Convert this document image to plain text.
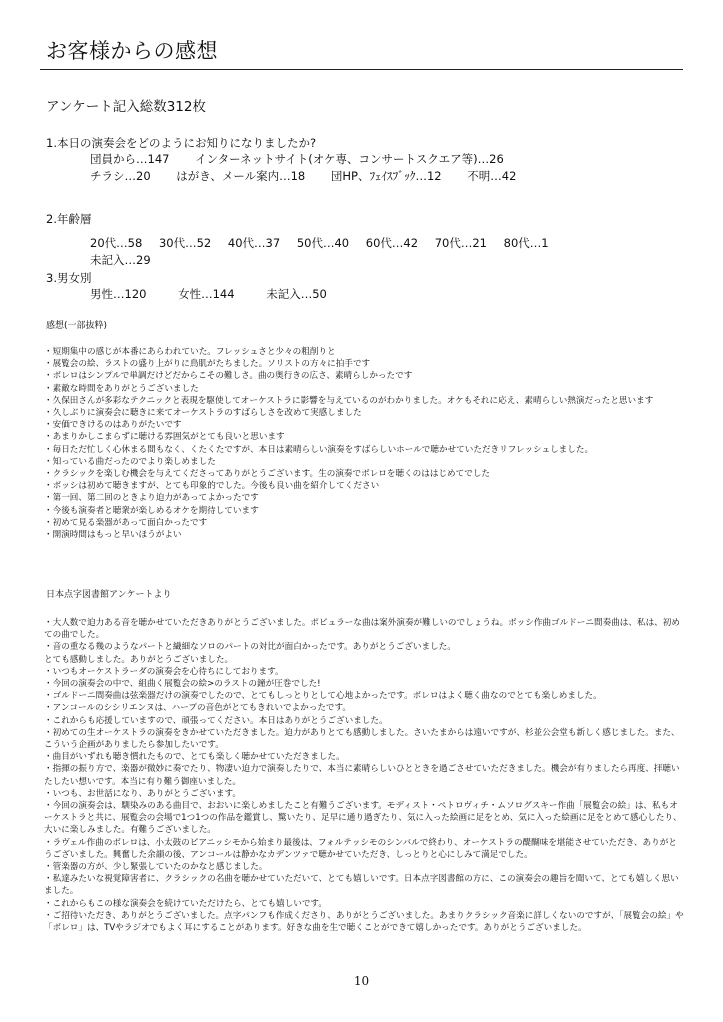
お客様からの感想
アンケート記入総数312枚
1.本日の演奏会をどのようにお知りになりましたか?
団員から…147 インターネットサイト(オケ専、コンサートスクエア等)…26
チラシ…20 はがき、メール案内…18 団HP、ﾌｪｲｽﾌﾞｯｸ…12 不明…42
2.年齢層
20代…58 30代…52 40代…37 50代…40 60代…42 70代…21 80代…1
未記入…29
3.男女別
男性…120	女性…144	未記入…50
感想(一部抜粋)

・短期集中の感じが本番にあらわれていた。フレッシュさと少々の粗削りと

・展覧会の絵、ラストの盛り上がりに鳥肌がたちました。ソリストの方々に拍手です

・ボレロはシンプルで単調だけどだからこその難しさ。曲の奥行きの広さ、素晴らしかったです

・素敵な時間をありがとうございました

・久保田さんが多彩なテクニックと表現を駆使してオーケストラに影響を与えているのがわかりました。オケもそれに応え、素晴らしい熱演だったと思います

・久しぶりに演奏会に聴きに来てオーケストラのすばらしさを改めて実感しました

・安価できけるのはありがたいです

・あまりかしこまらずに聴ける雰囲気がとても良いと思います

・毎日ただ忙しく心休まる間もなく、くたくたですが、本日は素晴らしい演奏をすばらしいホールで聴かせていただきリフレッシュしました。

・知っている曲だったのでより楽しめました

・クラシックを楽しむ機会を与えてくださってありがとうございます。生の演奏でボレロを聴くのははじめてでした

・ボッシは初めて聴きますが、とても印象的でした。今後も良い曲を紹介してください

・第一回、第二回のときより迫力があってよかったです

・今後も演奏者と聴衆が楽しめるオケを期待しています

・初めて見る楽器があって面白かったです

・開演時間はもっと早いほうがよい

日本点字図書館アンケートより

・大人数で迫力ある音を聴かせていただきありがとうございました。ポピュラーな曲は案外演奏が難しいのでしょうね。ボッシ作曲ゴルドーニ間奏曲は、私は、初めての曲でした。

・音の重なる幾のようなパートと繊細なソロのパートの対比が面白かったです。ありがとうございました。

とても感動しました。ありがとうございました。

・いつもオーケストラーダの演奏会を心待ちにしております。

・今回の演奏会の中で、組曲く展覧会の絵>のラストの鐘が圧巻でした!

・ゴルドーニ間奏曲は弦楽器だけの演奏でしたので、とてもしっとりとして心地よかったです。ボレロはよく聴く曲なのでとても楽しめました。

・アンコールのシシリエンヌは、ハープの音色がとてもきれいでよかったです。

・これからも応援していますので、頑張ってください。本日はありがとうございました。

・初めての生オーケストラの演奏をきかせていただきました。迫力がありとても感動しました。さいたまからは遠いですが、杉並公会堂も新しく感じました。また、こういう企画がありましたら参加したいです。

・曲目がいずれも聴き慣れたもので、とても楽しく聴かせていただきました。

・指揮の振り方で、楽器が微妙に奏でたり、物凄い迫力で演奏したりで、本当に素晴らしいひとときを過ごさせていただきました。機会が有りましたら再度、拝聴いたしたい想いです。本当に有り難う御座いました。

・いつも、お世話になり、ありがとうございます。

・今回の演奏会は、馴染みのある曲目で、おおいに楽しめましたこと有難うございます。モディスト・ペトロヴィチ・ムソログスキー作曲「展覧会の絵」は、私もオーケストラと共に、展覧会の会場で1つ1つの作品を鑑賞し、驚いたり、足早に通り過ぎたり、気に入った絵画に足をとめ、気に入った絵画に足をとめて感心したり、大いに楽しみました。有難うございました。

・ラヴェル作曲のボレロは、小太鼓のピアニッシモから始まり最後は、フォルテッシモのシンバルで終わり、オーケストラの醍醐味を堪能させていただき、ありがとうございました。興奮した余韻の後、アンコールは静かなカデンツァで聴かせていただき、しっとりと心にしみて満足でした。

・管楽器の方が、少し緊張していたのかなと感じました。

・私達みたいな視覚障害者に、クラシックの名曲を聴かせていただいて、とても嬉しいです。日本点字図書館の方に、この演奏会の趣旨を聞いて、とても嬉しく思いました。

・これからもこの様な演奏会を続けていただけたら、とても嬉しいです。

・ご招待いただき、ありがとうございました。点字パンフも作成くださり、ありがとうございました。あまりクラシック音楽に詳しくないのですが、「展覧会の絵」や「ボレロ」は、TVやラジオでもよく耳にすることがあります。好きな曲を生で聴くことができて嬉しかったです。ありがとうございました。

10
